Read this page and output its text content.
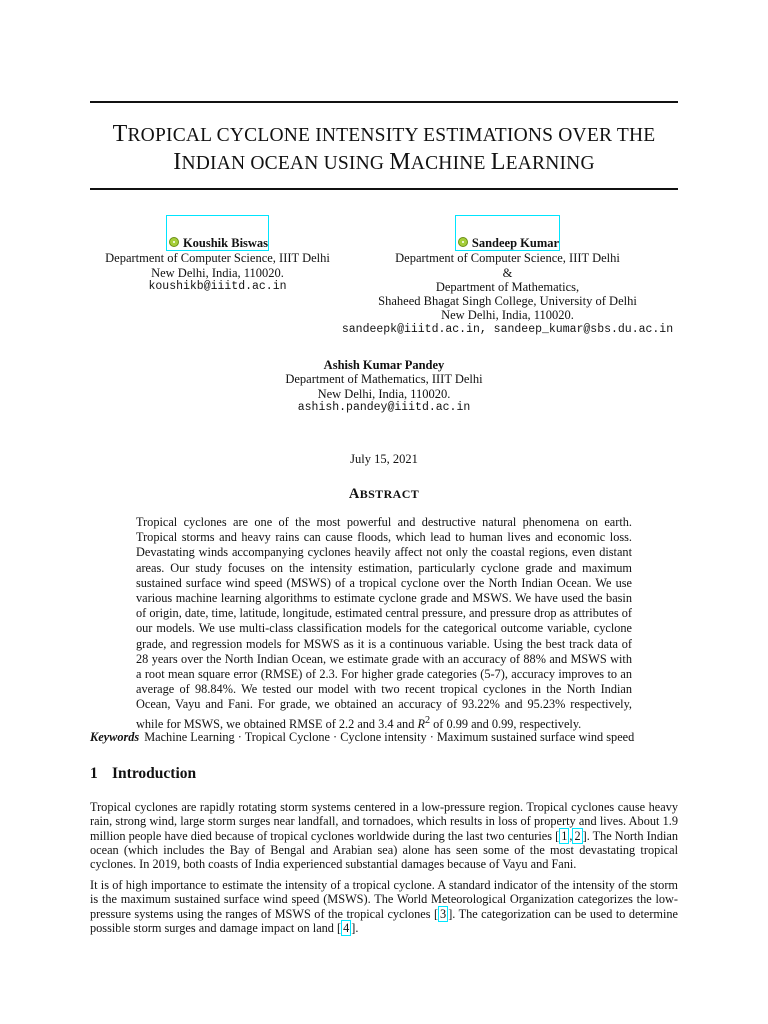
TROPICAL CYCLONE INTENSITY ESTIMATIONS OVER THE
INDIAN OCEAN USING MACHINE LEARNING
Koushik Biswas
Department of Computer Science, IIIT Delhi
New Delhi, India, 110020.
koushikb@iiitd.ac.in
Sandeep Kumar
Department of Computer Science, IIIT Delhi
&
Department of Mathematics,
Shaheed Bhagat Singh College, University of Delhi
New Delhi, India, 110020.
sandeepk@iiitd.ac.in, sandeep_kumar@sbs.du.ac.in
Ashish Kumar Pandey
Department of Mathematics, IIIT Delhi
New Delhi, India, 110020.
ashish.pandey@iiitd.ac.in
July 15, 2021
ABSTRACT
Tropical cyclones are one of the most powerful and destructive natural phenomena on earth. Tropical storms and heavy rains can cause floods, which lead to human lives and economic loss. Devastating winds accompanying cyclones heavily affect not only the coastal regions, even distant areas. Our study focuses on the intensity estimation, particularly cyclone grade and maximum sustained surface wind speed (MSWS) of a tropical cyclone over the North Indian Ocean. We use various machine learning algorithms to estimate cyclone grade and MSWS. We have used the basin of origin, date, time, latitude, longitude, estimated central pressure, and pressure drop as attributes of our models. We use multi-class classification models for the categorical outcome variable, cyclone grade, and regression models for MSWS as it is a continuous variable. Using the best track data of 28 years over the North Indian Ocean, we estimate grade with an accuracy of 88% and MSWS with a root mean square error (RMSE) of 2.3. For higher grade categories (5-7), accuracy improves to an average of 98.84%. We tested our model with two recent tropical cyclones in the North Indian Ocean, Vayu and Fani. For grade, we obtained an accuracy of 93.22% and 95.23% respectively, while for MSWS, we obtained RMSE of 2.2 and 3.4 and $R^2$ of 0.99 and 0.99, respectively.
Keywords Machine Learning · Tropical Cyclone · Cyclone intensity · Maximum sustained surface wind speed
1 Introduction
Tropical cyclones are rapidly rotating storm systems centered in a low-pressure region. Tropical cyclones cause heavy rain, strong wind, large storm surges near landfall, and tornadoes, which results in loss of property and lives. About 1.9 million people have died because of tropical cyclones worldwide during the last two centuries [ 1 , 2 ]. The North Indian ocean (which includes the Bay of Bengal and Arabian sea) alone has seen some of the most devastating tropical cyclones. In 2019, both coasts of India experienced substantial damages because of Vayu and Fani.
It is of high importance to estimate the intensity of a tropical cyclone. A standard indicator of the intensity of the storm is the maximum sustained surface wind speed (MSWS). The World Meteorological Organization categorizes the low-pressure systems using the ranges of MSWS of the tropical cyclones [ 3 ]. The categorization can be used to determine possible storm surges and damage impact on land [ 4 ].
